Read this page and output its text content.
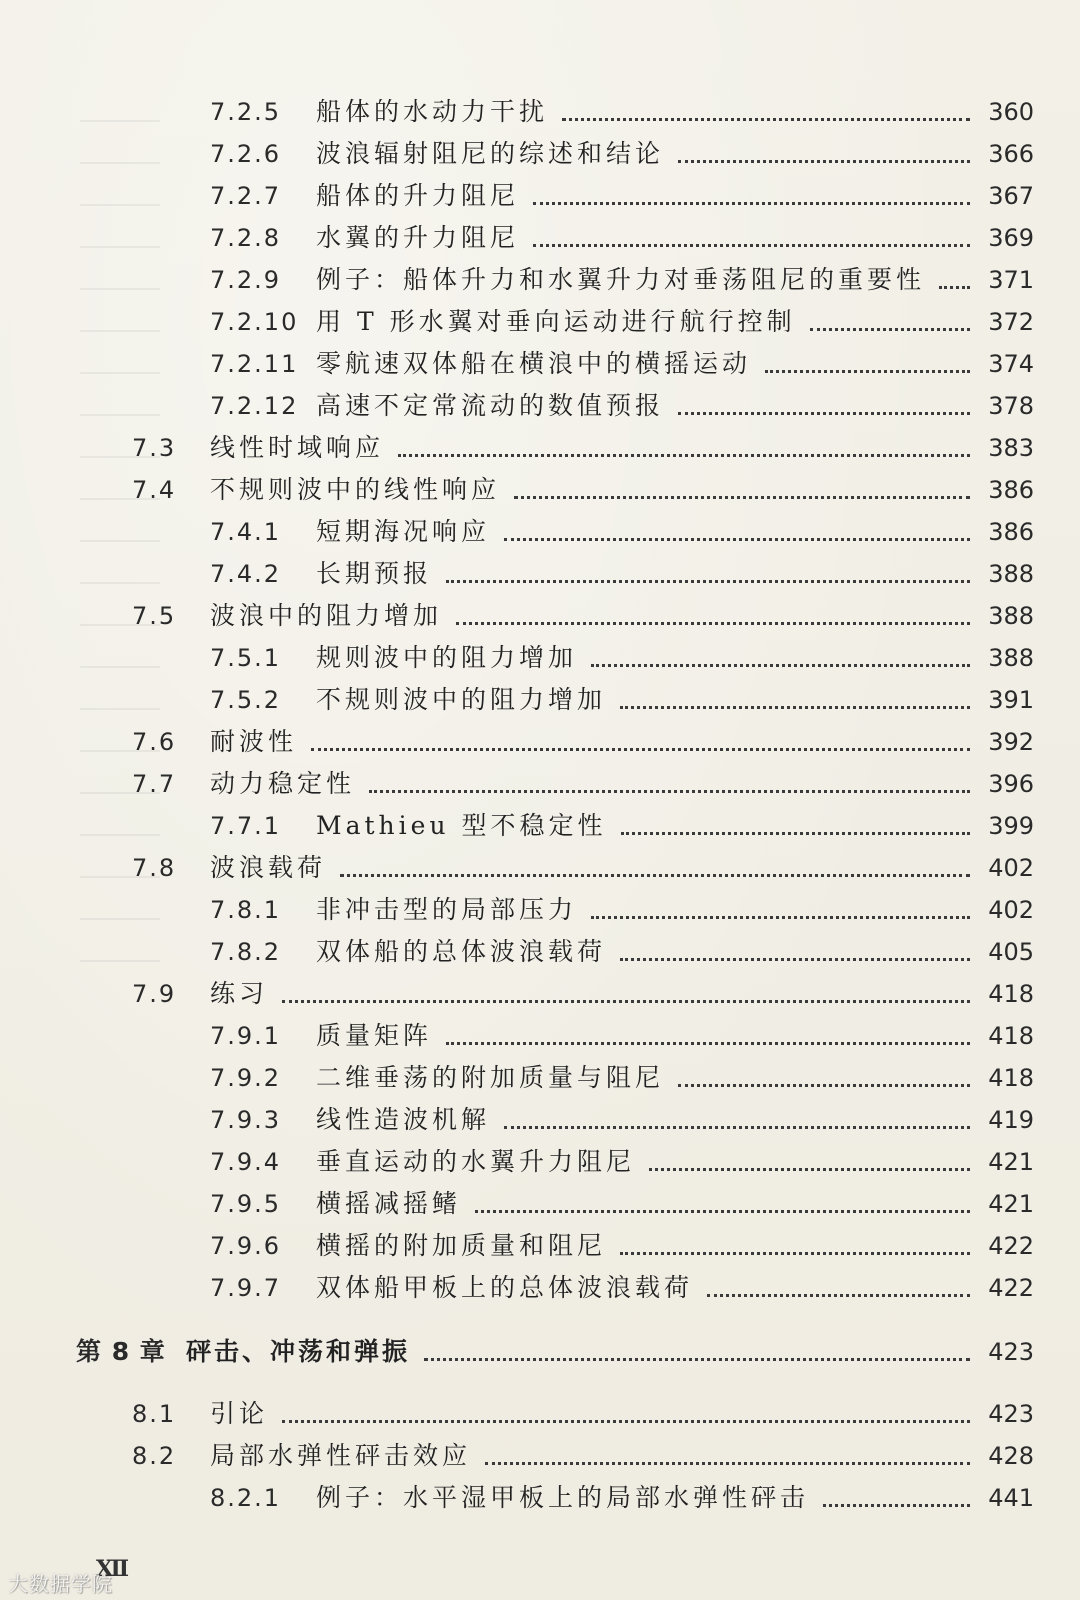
7.2.5 船体的水动力干扰	360
7.2.6 波浪辐射阻尼的综述和结论	366
7.2.7 船体的升力阻尼	367
7.2.8 水翼的升力阻尼	369
7.2.9 例子：船体升力和水翼升力对垂荡阻尼的重要性	371
7.2.10 用 T 形水翼对垂向运动进行航行控制	372
7.2.11 零航速双体船在横浪中的横摇运动	374
7.2.12 高速不定常流动的数值预报	378
7.3 线性时域响应	383
7.4 不规则波中的线性响应	386
7.4.1 短期海况响应	386
7.4.2 长期预报	388
7.5 波浪中的阻力增加	388
7.5.1 规则波中的阻力增加	388
7.5.2 不规则波中的阻力增加	391
7.6 耐波性	392
7.7 动力稳定性	396
7.7.1 Mathieu 型不稳定性	399
7.8 波浪载荷	402
7.8.1 非冲击型的局部压力	402
7.8.2 双体船的总体波浪载荷	405
7.9 练习	418
7.9.1 质量矩阵	418
7.9.2 二维垂荡的附加质量与阻尼	418
7.9.3 线性造波机解	419
7.9.4 垂直运动的水翼升力阻尼	421
7.9.5 横摇减摇鳍	421
7.9.6 横摇的附加质量和阻尼	422
7.9.7 双体船甲板上的总体波浪载荷	422
第 8 章 砰击、冲荡和弹振	423
8.1 引论	423
8.2 局部水弹性砰击效应	428
8.2.1 例子：水平湿甲板上的局部水弹性砰击	441
Ⅻ
大数据学院
